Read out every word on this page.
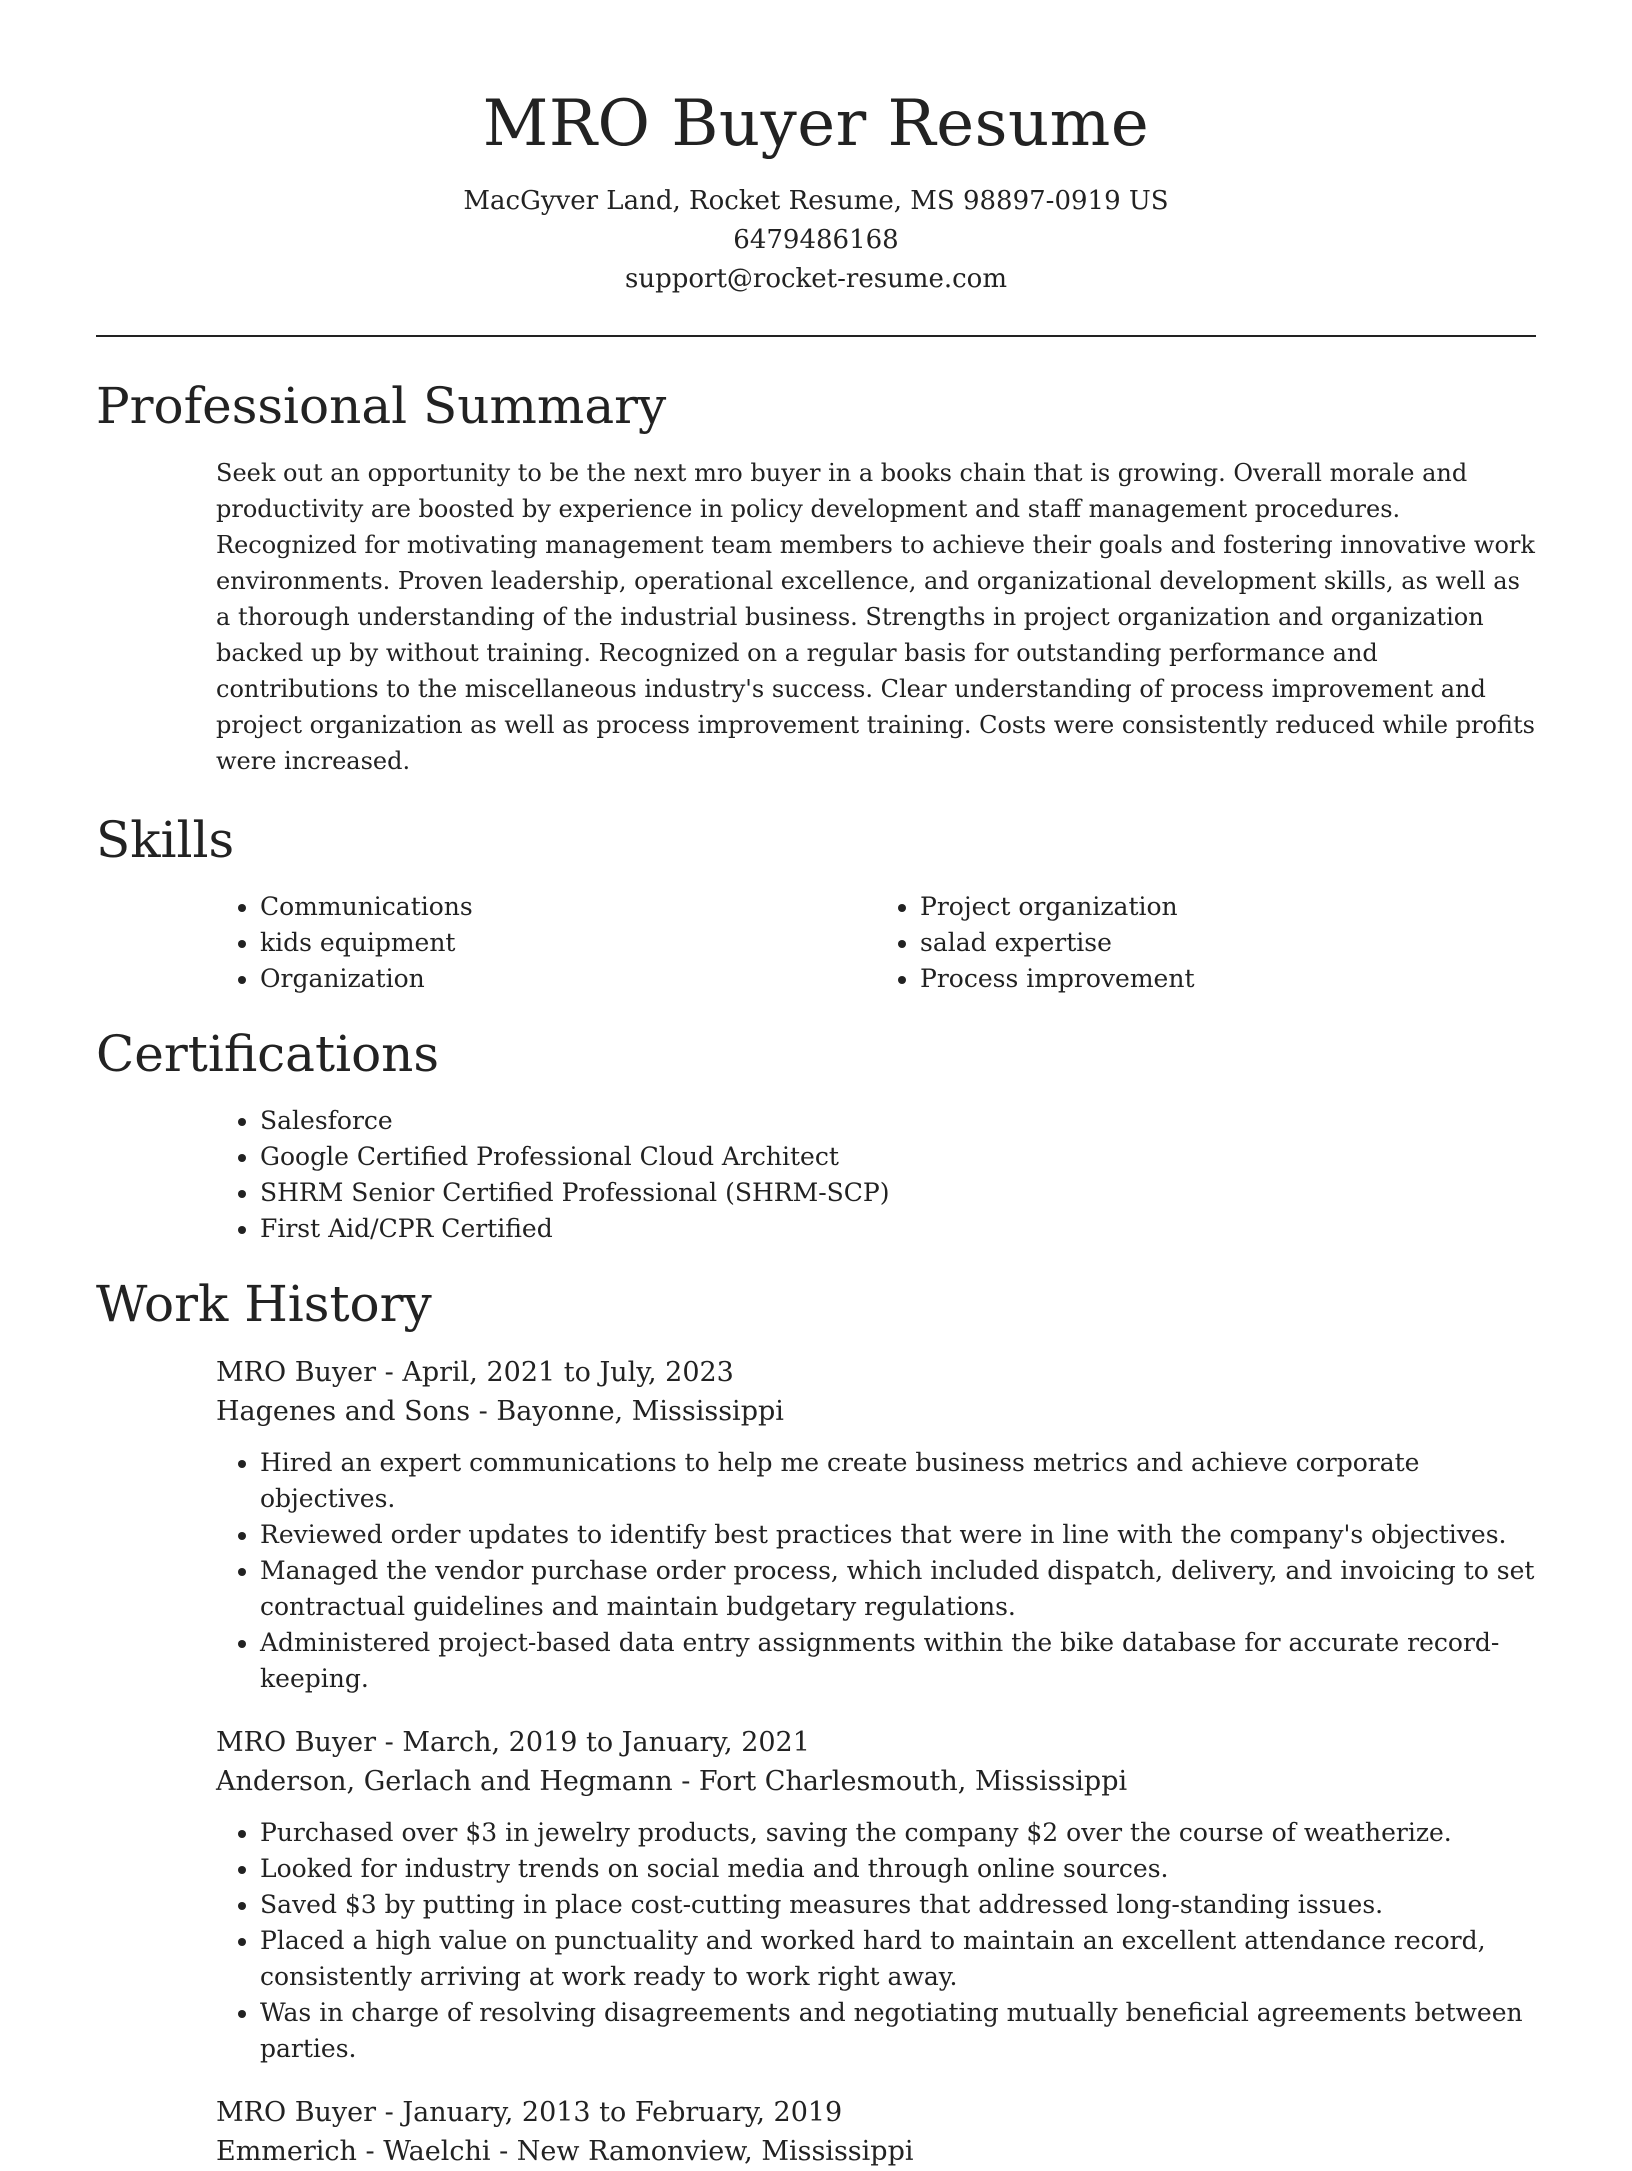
MRO Buyer Resume
MacGyver Land, Rocket Resume, MS 98897-0919 US
6479486168
support@rocket-resume.com
Professional Summary

Seek out an opportunity to be the next mro buyer in a books chain that is growing. Overall morale and productivity are boosted by experience in policy development and staff management procedures. Recognized for motivating management team members to achieve their goals and fostering innovative work environments. Proven leadership, operational excellence, and organizational development skills, as well as a thorough understanding of the industrial business. Strengths in project organization and organization backed up by without training. Recognized on a regular basis for outstanding performance and contributions to the miscellaneous industry's success. Clear understanding of process improvement and project organization as well as process improvement training. Costs were consistently reduced while profits were increased.

Skills
• Communications
• kids equipment
• Organization
• Project organization
• salad expertise
• Process improvement
Certifications
• Salesforce
• Google Certified Professional Cloud Architect
• SHRM Senior Certified Professional (SHRM-SCP)
• First Aid/CPR Certified
Work History
MRO Buyer - April, 2021 to July, 2023
Hagenes and Sons - Bayonne, Mississippi
• Hired an expert communications to help me create business metrics and achieve corporate objectives.
• Reviewed order updates to identify best practices that were in line with the company's objectives.
• Managed the vendor purchase order process, which included dispatch, delivery, and invoicing to set contractual guidelines and maintain budgetary regulations.
• Administered project-based data entry assignments within the bike database for accurate record-keeping.
MRO Buyer - March, 2019 to January, 2021
Anderson, Gerlach and Hegmann - Fort Charlesmouth, Mississippi
• Purchased over $3 in jewelry products, saving the company $2 over the course of weatherize.
• Looked for industry trends on social media and through online sources.
• Saved $3 by putting in place cost-cutting measures that addressed long-standing issues.
• Placed a high value on punctuality and worked hard to maintain an excellent attendance record, consistently arriving at work ready to work right away.
• Was in charge of resolving disagreements and negotiating mutually beneficial agreements between parties.
MRO Buyer - January, 2013 to February, 2019
Emmerich - Waelchi - New Ramonview, Mississippi
